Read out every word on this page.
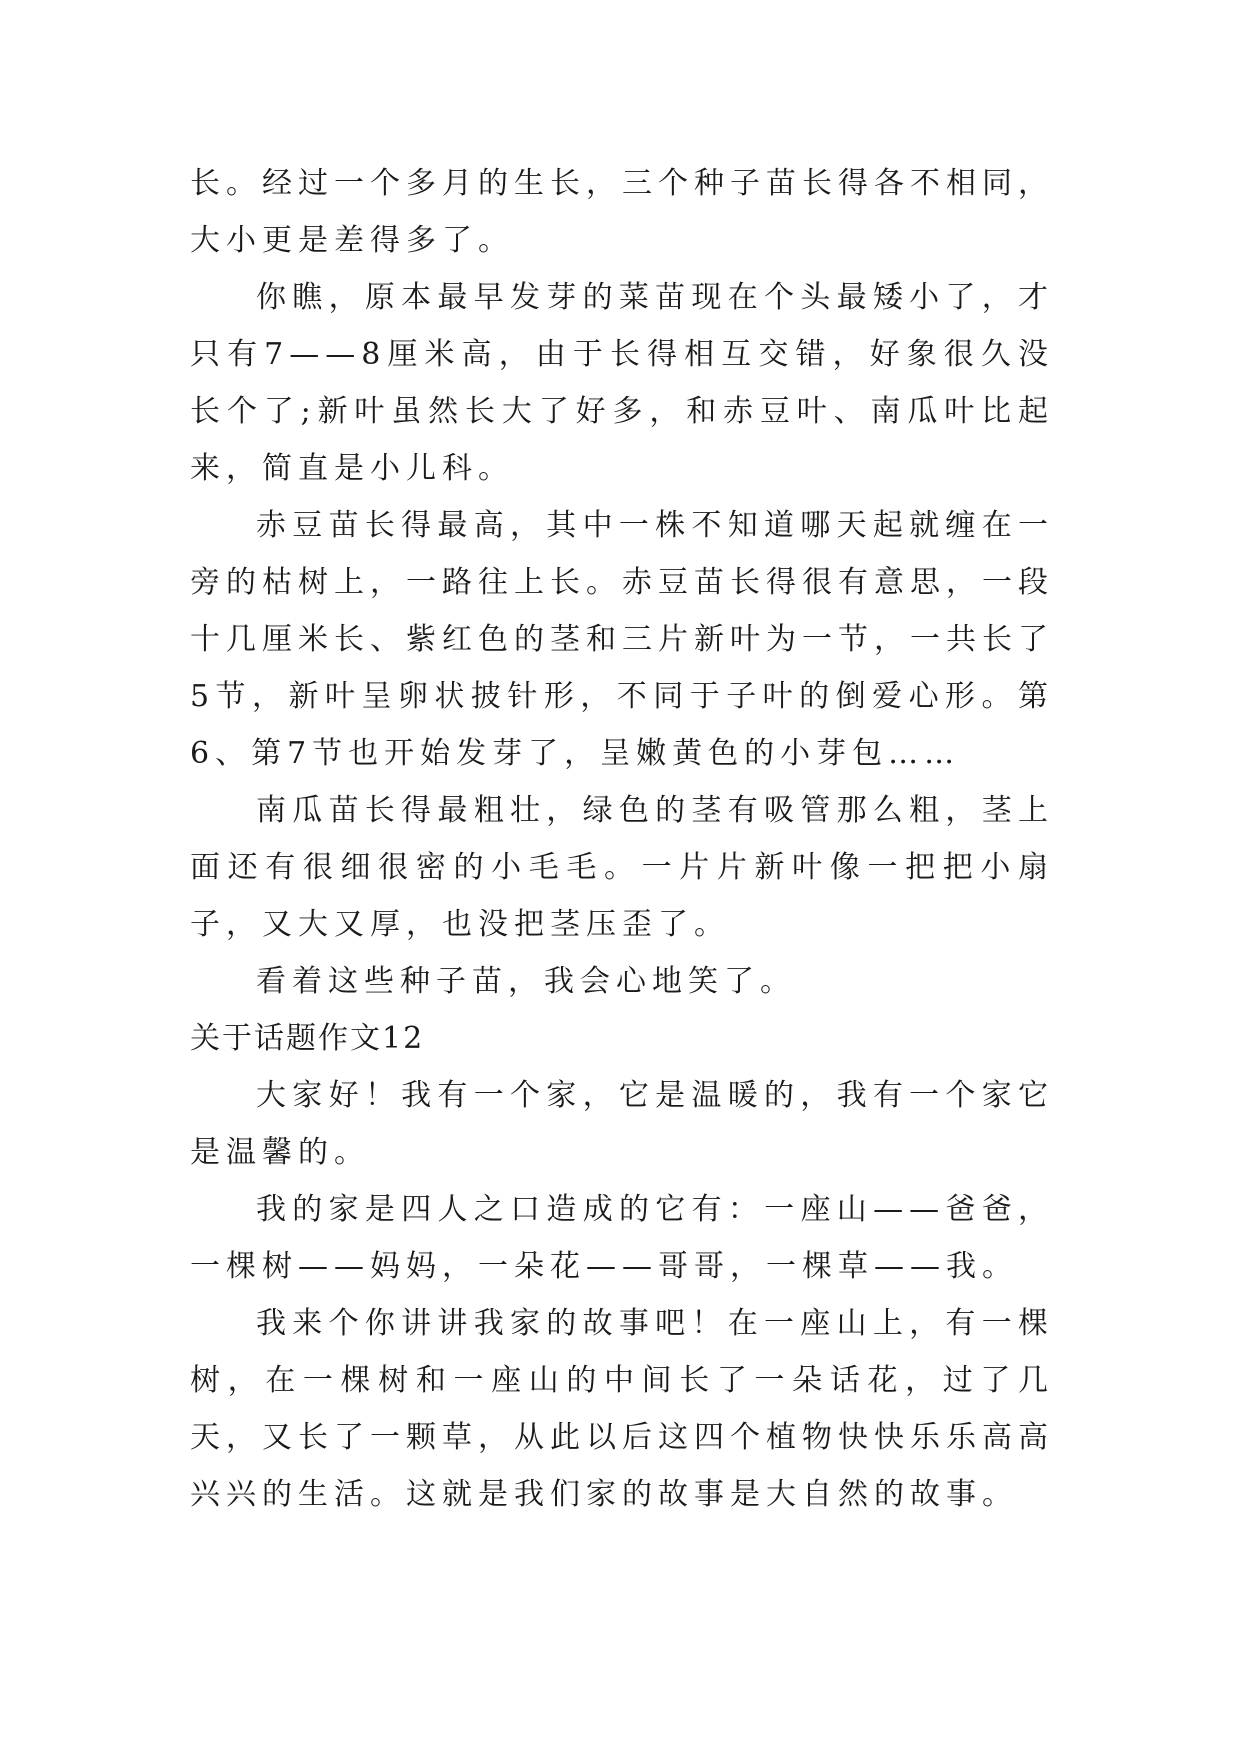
长。经过一个多月的生长，三个种子苗长得各不相同，大小更是差得多了。

你瞧，原本最早发芽的菜苗现在个头最矮小了，才只有7——8厘米高，由于长得相互交错，好象很久没长个了;新叶虽然长大了好多，和赤豆叶、南瓜叶比起来，简直是小儿科。

赤豆苗长得最高，其中一株不知道哪天起就缠在一旁的枯树上，一路往上长。赤豆苗长得很有意思，一段十几厘米长、紫红色的茎和三片新叶为一节，一共长了5节，新叶呈卵状披针形，不同于子叶的倒爱心形。第6、第7节也开始发芽了，呈嫩黄色的小芽包……

南瓜苗长得最粗壮，绿色的茎有吸管那么粗，茎上面还有很细很密的小毛毛。一片片新叶像一把把小扇子，又大又厚，也没把茎压歪了。

看着这些种子苗，我会心地笑了。

关于话题作文12

大家好！我有一个家，它是温暖的，我有一个家它是温馨的。

我的家是四人之口造成的它有：一座山——爸爸，一棵树——妈妈，一朵花——哥哥，一棵草——我。

我来个你讲讲我家的故事吧！在一座山上，有一棵树，在一棵树和一座山的中间长了一朵话花，过了几天，又长了一颗草，从此以后这四个植物快快乐乐高高兴兴的生活。这就是我们家的故事是大自然的故事。
